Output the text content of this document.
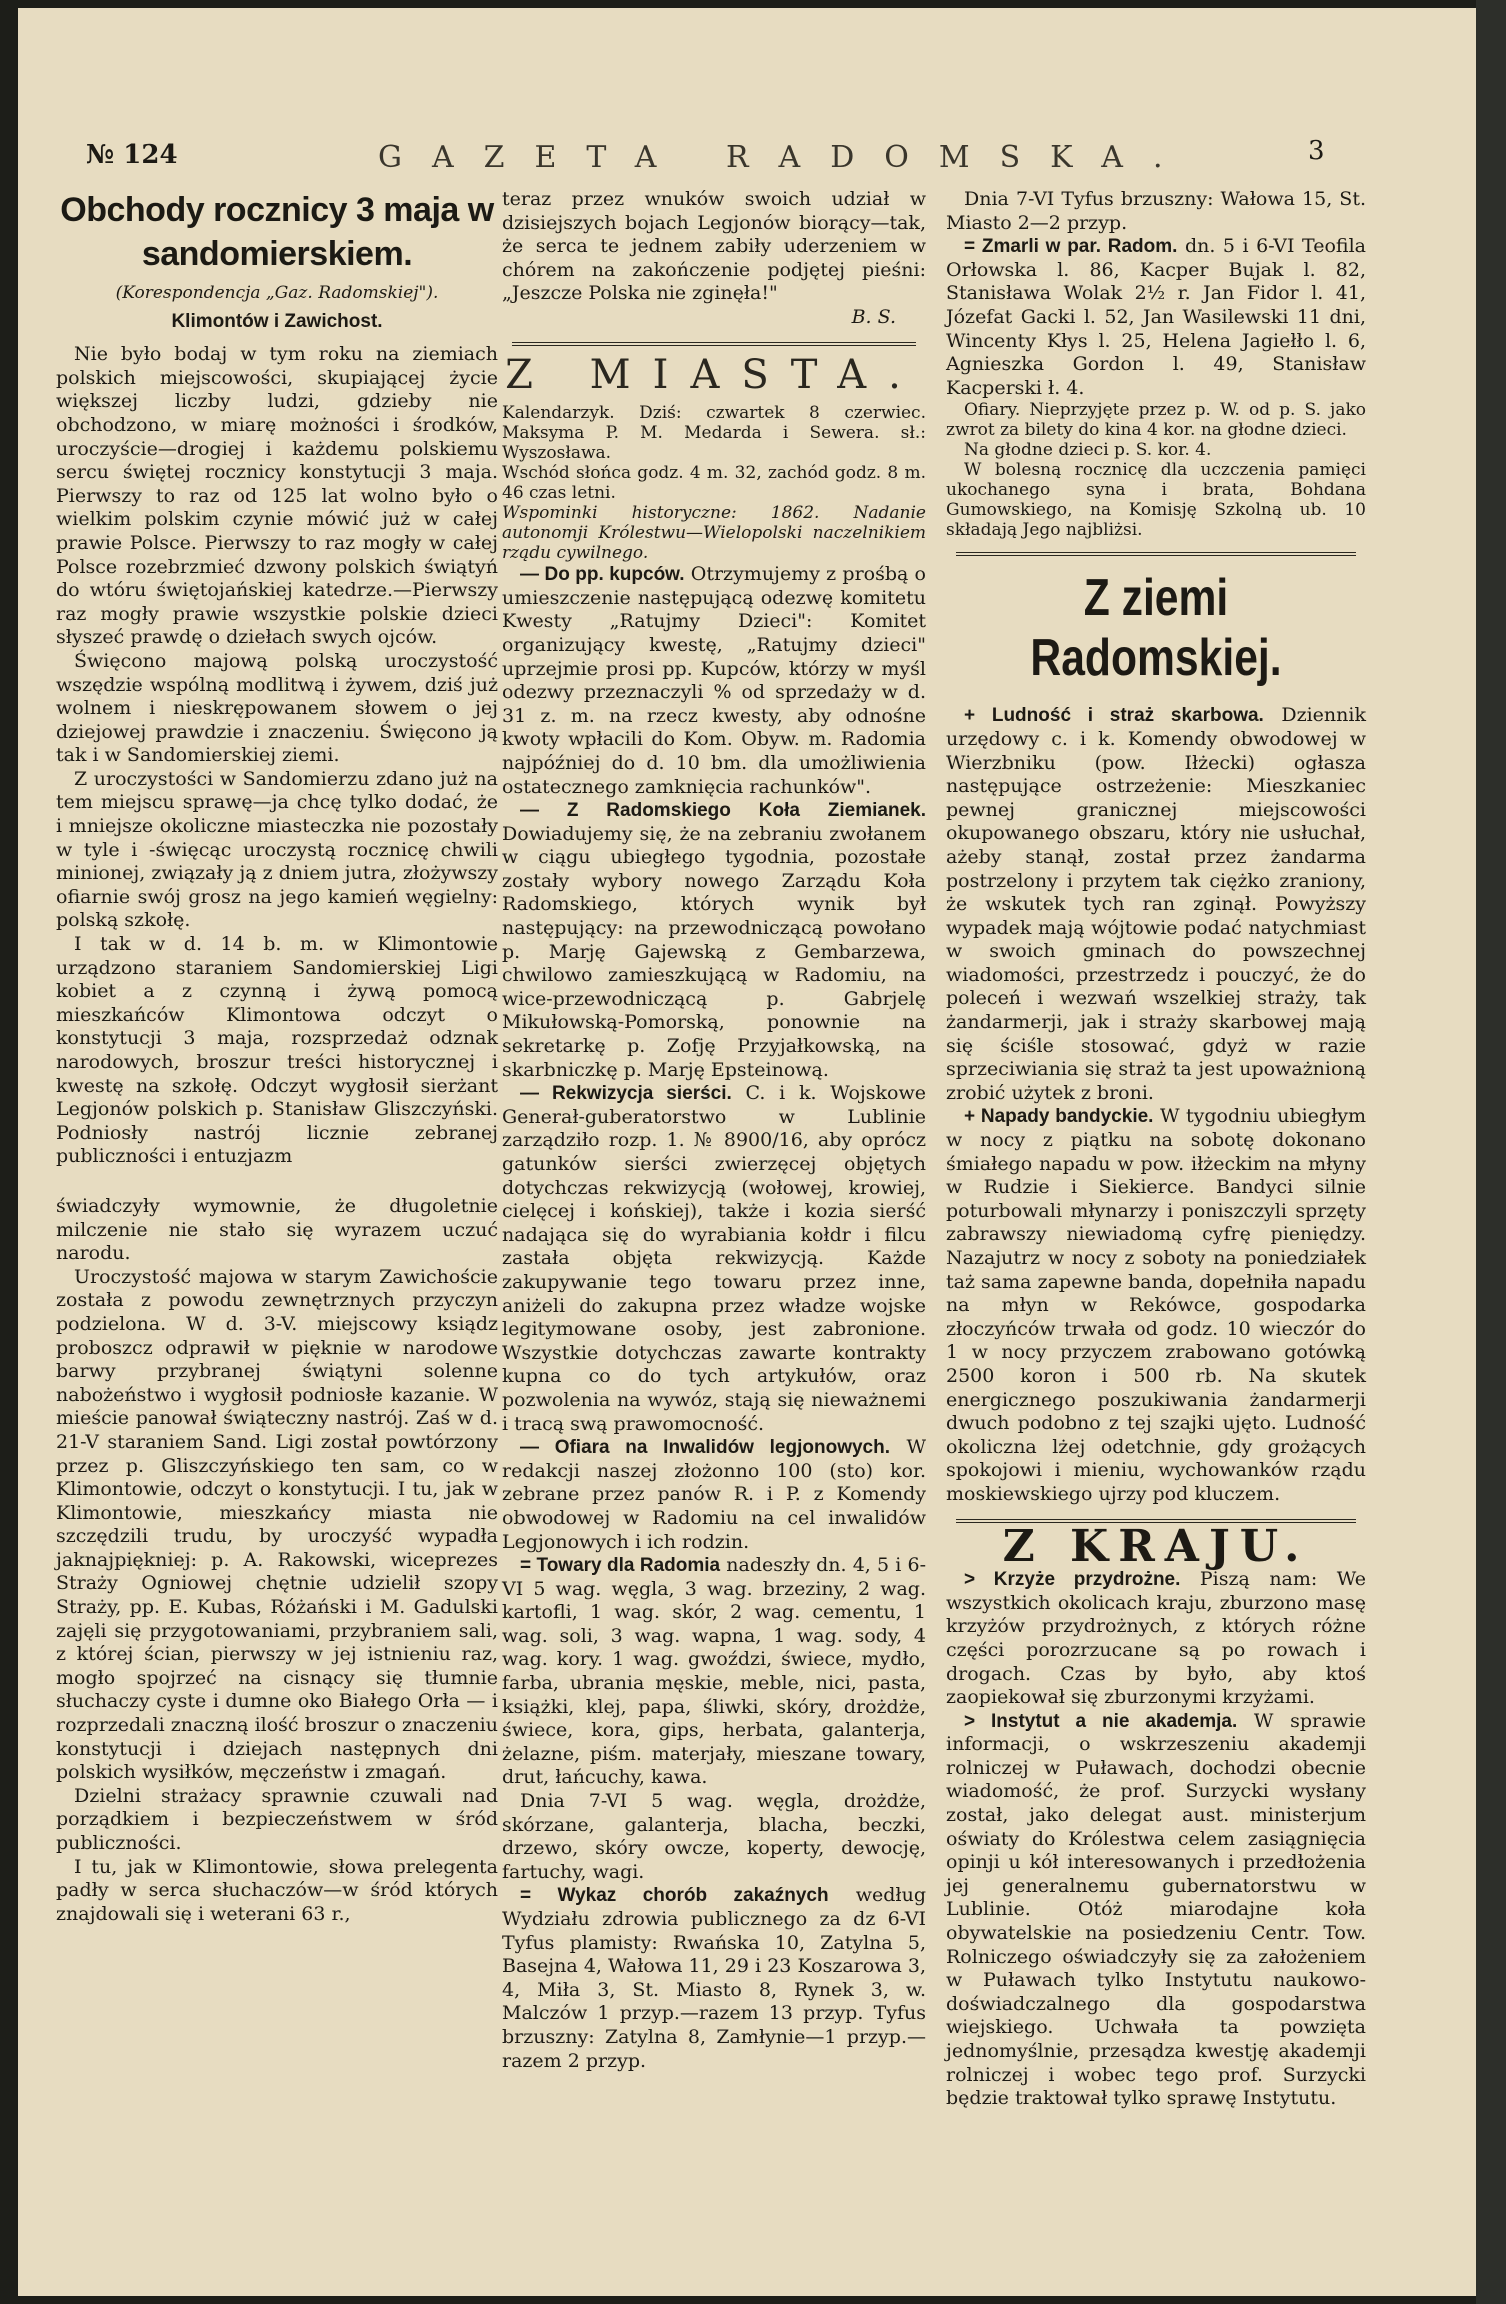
№ 124	GAZETA RADOMSKA.	3
Obchody rocznicy 3 maja w sandomierskiem.
(Korespondencja „Gaz. Radomskiej").
Klimontów i Zawichost.

Nie było bodaj w tym roku na ziemiach polskich miejscowości, skupiającej życie większej liczby ludzi, gdzieby nie obchodzono, w miarę możności i środków, uroczyście—drogiej i każdemu polskiemu sercu świętej rocznicy konstytucji 3 maja. Pierwszy to raz od 125 lat wolno było o wielkim polskim czynie mówić już w całej prawie Polsce. Pierwszy to raz mogły w całej Polsce rozebrzmieć dzwony polskich świątyń do wtóru świętojańskiej katedrze.—Pierwszy raz mogły prawie wszystkie polskie dzieci słyszeć prawdę o dziełach swych ojców.

Święcono majową polską uroczystość wszędzie wspólną modlitwą i żywem, dziś już wolnem i nieskrępowanem słowem o jej dziejowej prawdzie i znaczeniu. Święcono ją tak i w Sandomierskiej ziemi.

Z uroczystości w Sandomierzu zdano już na tem miejscu sprawę—ja chcę tylko dodać, że i mniejsze okoliczne miasteczka nie pozostały w tyle i -święcąc uroczystą rocznicę chwili minionej, związały ją z dniem jutra, złożywszy ofiarnie swój grosz na jego kamień węgielny: polską szkołę.

I tak w d. 14 b. m. w Klimontowie urządzono staraniem Sandomierskiej Ligi kobiet a z czynną i żywą pomocą mieszkańców Klimontowa odczyt o konstytucji 3 maja, rozsprzedaż odznak narodowych, broszur treści historycznej i kwestę na szkołę. Odczyt wygłosił sierżant Legjonów polskich p. Stanisław Gliszczyński. Podniosły nastrój licznie zebranej publiczności i entuzjazm

świadczyły wymownie, że długoletnie milczenie nie stało się wyrazem uczuć narodu.

Uroczystość majowa w starym Zawichoście została z powodu zewnętrznych przyczyn podzielona. W d. 3-V. miejscowy ksiądz proboszcz odprawił w pięknie w narodowe barwy przybranej świątyni solenne nabożeństwo i wygłosił podniosłe kazanie. W mieście panował świąteczny nastrój. Zaś w d. 21-V staraniem Sand. Ligi został powtórzony przez p. Gliszczyńskiego ten sam, co w Klimontowie, odczyt o konstytucji. I tu, jak w Klimontowie, mieszkańcy miasta nie szczędzili trudu, by uroczyść wypadła jaknajpiękniej: p. A. Rakowski, wiceprezes Straży Ogniowej chętnie udzielił szopy Straży, pp. E. Kubas, Różański i M. Gadulski zajęli się przygotowaniami, przybraniem sali, z której ścian, pierwszy w jej istnieniu raz, mogło spojrzeć na cisnący się tłumnie słuchaczy cyste i dumne oko Białego Orła — i rozprzedali znaczną ilość broszur o znaczeniu konstytucji i dziejach następnych dni polskich wysiłków, męczeństw i zmagań.

Dzielni strażacy sprawnie czuwali nad porządkiem i bezpieczeństwem w śród publiczności.

I tu, jak w Klimontowie, słowa prelegenta padły w serca słuchaczów—w śród których znajdowali się i weterani 63 r.,

teraz przez wnuków swoich udział w dzisiejszych bojach Legjonów biorący—tak, że serca te jednem zabiły uderzeniem w chórem na zakończenie podjętej pieśni: „Jeszcze Polska nie zginęła!"

B. S.
Z MIASTA.
Kalendarzyk. Dziś: czwartek 8 czerwiec. Maksyma P. M. Medarda i Sewera. sł.: Wyszosława.
Wschód słońca godz. 4 m. 32, zachód godz. 8 m. 46 czas letni.
Wspominki historyczne: 1862. Nadanie autonomji Królestwu—Wielopolski naczelnikiem rządu cywilnego.

— Do pp. kupców. Otrzymujemy z prośbą o umieszczenie następującą odezwę komitetu Kwesty „Ratujmy Dzieci": Komitet organizujący kwestę, „Ratujmy dzieci" uprzejmie prosi pp. Kupców, którzy w myśl odezwy przeznaczyli % od sprzedaży w d. 31 z. m. na rzecz kwesty, aby odnośne kwoty wpłacili do Kom. Obyw. m. Radomia najpóźniej do d. 10 bm. dla umożliwienia ostatecznego zamknięcia rachunków".

— Z Radomskiego Koła Ziemianek. Dowiadujemy się, że na zebraniu zwołanem w ciągu ubiegłego tygodnia, pozostałe zostały wybory nowego Zarządu Koła Radomskiego, których wynik był następujący: na przewodniczącą powołano p. Marję Gajewską z Gembarzewa, chwilowo zamieszkującą w Radomiu, na wice-przewodniczącą p. Gabrjelę Mikułowską-Pomorską, ponownie na sekretarkę p. Zofję Przyjałkowską, na skarbniczkę p. Marję Epsteinową.

— Rekwizycja sierści. C. i k. Wojskowe Generał-guberatorstwo w Lublinie zarządziło rozp. 1. № 8900/16, aby oprócz gatunków sierści zwierzęcej objętych dotychczas rekwizycją (wołowej, krowiej, cielęcej i końskiej), także i kozia sierść nadająca się do wyrabiania kołdr i filcu zastała objęta rekwizycją. Każde zakupywanie tego towaru przez inne, aniżeli do zakupna przez władze wojske legitymowane osoby, jest zabronione. Wszystkie dotychczas zawarte kontrakty kupna co do tych artykułów, oraz pozwolenia na wywóz, stają się nieważnemi i tracą swą prawomocność.

— Ofiara na Inwalidów legjonowych. W redakcji naszej złożonno 100 (sto) kor. zebrane przez panów R. i P. z Komendy obwodowej w Radomiu na cel inwalidów Legjonowych i ich rodzin.

= Towary dla Radomia nadeszły dn. 4, 5 i 6-VI 5 wag. węgla, 3 wag. brzeziny, 2 wag. kartofli, 1 wag. skór, 2 wag. cementu, 1 wag. soli, 3 wag. wapna, 1 wag. sody, 4 wag. kory. 1 wag. gwoździ, świece, mydło, farba, ubrania męskie, meble, nici, pasta, książki, klej, papa, śliwki, skóry, drożdże, świece, kora, gips, herbata, galanterja, żelazne, piśm. materjały, mieszane towary, drut, łańcuchy, kawa.

Dnia 7-VI 5 wag. węgla, drożdże, skórzane, galanterja, blacha, beczki, drzewo, skóry owcze, koperty, dewocję, fartuchy, wagi.

= Wykaz chorób zakaźnych według Wydziału zdrowia publicznego za dz 6-VI Tyfus plamisty: Rwańska 10, Zatylna 5, Basejna 4, Wałowa 11, 29 i 23 Koszarowa 3, 4, Miła 3, St. Miasto 8, Rynek 3, w. Malczów 1 przyp.—razem 13 przyp. Tyfus brzuszny: Zatylna 8, Zamłynie—1 przyp.—razem 2 przyp.

Dnia 7-VI Tyfus brzuszny: Wałowa 15, St. Miasto 2—2 przyp.

= Zmarli w par. Radom. dn. 5 i 6-VI Teofila Orłowska l. 86, Kacper Bujak l. 82, Stanisława Wolak 2½ r. Jan Fidor l. 41, Józefat Gacki l. 52, Jan Wasilewski 11 dni, Wincenty Kłys l. 25, Helena Jagiełło l. 6, Agnieszka Gordon l. 49, Stanisław Kacperski ł. 4.

Ofiary. Nieprzyjęte przez p. W. od p. S. jako zwrot za bilety do kina 4 kor. na głodne dzieci.
Na głodne dzieci p. S. kor. 4.
W bolesną rocznicę dla uczczenia pamięci ukochanego syna i brata, Bohdana Gumowskiego, na Komisję Szkolną ub. 10 składają Jego najbliżsi.
Z ziemi Radomskiej.

+ Ludność i straż skarbowa. Dziennik urzędowy c. i k. Komendy obwodowej w Wierzbniku (pow. Iłżecki) ogłasza następujące ostrzeżenie: Mieszkaniec pewnej granicznej miejscowości okupowanego obszaru, który nie usłuchał, ażeby stanął, został przez żandarma postrzelony i przytem tak ciężko zraniony, że wskutek tych ran zginął. Powyższy wypadek mają wójtowie podać natychmiast w swoich gminach do powszechnej wiadomości, przestrzedz i pouczyć, że do poleceń i wezwań wszelkiej straży, tak żandarmerji, jak i straży skarbowej mają się ściśle stosować, gdyż w razie sprzeciwiania się straż ta jest upoważnioną zrobić użytek z broni.

+ Napady bandyckie. W tygodniu ubiegłym w nocy z piątku na sobotę dokonano śmiałego napadu w pow. iłżeckim na młyny w Rudzie i Siekierce. Bandyci silnie poturbowali młynarzy i poniszczyli sprzęty zabrawszy niewiadomą cyfrę pieniędzy. Nazajutrz w nocy z soboty na poniedziałek taż sama zapewne banda, dopełniła napadu na młyn w Rekówce, gospodarka złoczyńców trwała od godz. 10 wieczór do 1 w nocy przyczem zrabowano gotówką 2500 koron i 500 rb. Na skutek energicznego poszukiwania żandarmerji dwuch podobno z tej szajki ujęto. Ludność okoliczna lżej odetchnie, gdy grożących spokojowi i mieniu, wychowanków rządu moskiewskiego ujrzy pod kluczem.

Z KRAJU.

> Krzyże przydrożne. Piszą nam: We wszystkich okolicach kraju, zburzono masę krzyżów przydrożnych, z których różne części porozrzucane są po rowach i drogach. Czas by było, aby ktoś zaopiekował się zburzonymi krzyżami.

> Instytut a nie akademja. W sprawie informacji, o wskrzeszeniu akademji rolniczej w Puławach, dochodzi obecnie wiadomość, że prof. Surzycki wysłany został, jako delegat aust. ministerjum oświaty do Królestwa celem zasiągnięcia opinji u kół interesowanych i przedłożenia jej generalnemu gubernatorstwu w Lublinie. Otóż miarodajne koła obywatelskie na posiedzeniu Centr. Tow. Rolniczego oświadczyły się za założeniem w Puławach tylko Instytutu naukowo-doświadczalnego dla gospodarstwa wiejskiego. Uchwała ta powzięta jednomyślnie, przesądza kwestję akademji rolniczej i wobec tego prof. Surzycki będzie traktował tylko sprawę Instytutu.
